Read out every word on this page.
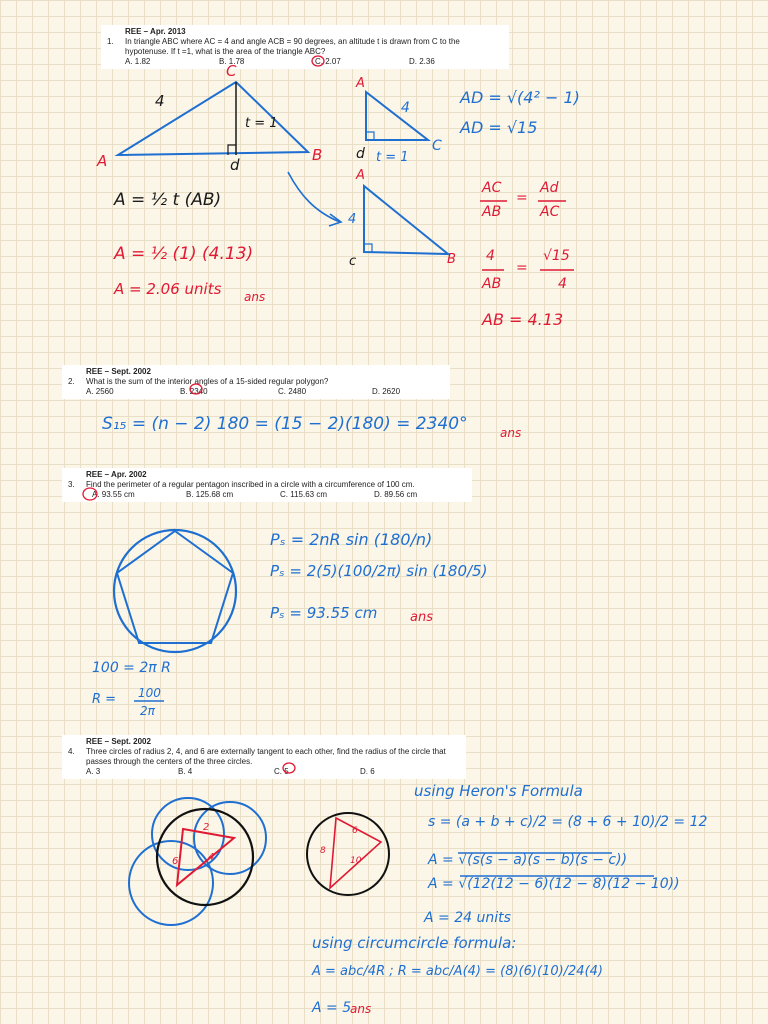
REE – Apr. 2013
1. In triangle ABC where AC = 4 and angle ACB = 90 degrees, an altitude t is drawn from C to the hypotenuse. If t =1, what is the area of the triangle ABC?
A. 1.82	B. 1.78	C. 2.07	D. 2.36
REE – Sept. 2002
2. What is the sum of the interior angles of a 15-sided regular polygon?
A. 2560	B. 2340	C. 2480	D. 2620
REE – Apr. 2002
3. Find the perimeter of a regular pentagon inscribed in a circle with a circumference of 100 cm.
A. 93.55 cm	B. 125.68 cm	C. 115.63 cm	D. 89.56 cm
REE – Sept. 2002
4. Three circles of radius 2, 4, and 6 are externally tangent to each other, find the radius of the circle that passes through the centers of the three circles.
A. 3	B. 4	C. 5	D. 6
C
A	B
d
4
t = 1
A
4
C
d t = 1
A
4
c	B
A = ½ t (AB)
A = ½ (1) (4.13)
A = 2.06 units ans
AD = √(4² − 1)
AD = √15
AC
AB
=
Ad
AC
4
AB
=
√15
4
AB = 4.13
S₁₅ = (n − 2) 180 = (15 − 2)(180) = 2340°	ans
Pₛ = 2nR sin (180/n)
Pₛ = 2(5)(100/2π) sin (180/5)
Pₛ = 93.55 cm	ans
100 = 2π R
R = 100
2π
2
4
6
6
8
10
using Heron's Formula
s = (a + b + c)/2 = (8 + 6 + 10)/2 = 12
A = √(s(s − a)(s − b)(s − c))
A = √(12(12 − 6)(12 − 8)(12 − 10))
A = 24 units
using circumcircle formula:
A = abc/4R ; R = abc/A(4) = (8)(6)(10)/24(4)
A = 5
ans
